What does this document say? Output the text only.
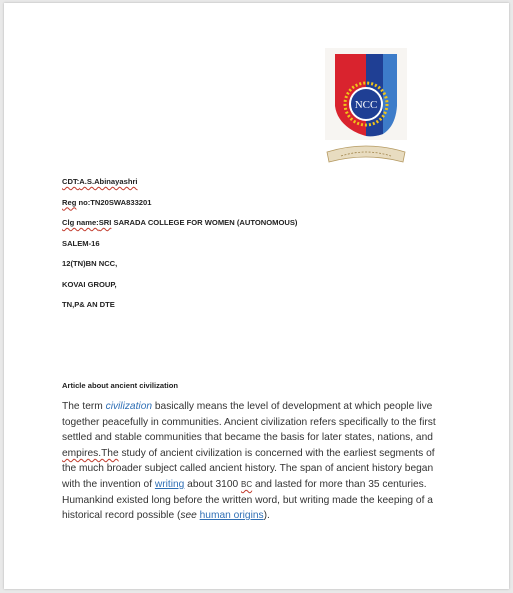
NCC
CDT:A.S.Abinayashri
Reg no:TN20SWA833201
Clg name:SRI SARADA COLLEGE FOR WOMEN (AUTONOMOUS)
SALEM-16
12(TN)BN NCC,
KOVAI GROUP,
TN,P& AN DTE
Article about ancient civilization
The term civilization basically means the level of development at which people live
together peacefully in communities. Ancient civilization refers specifically to the first
settled and stable communities that became the basis for later states, nations, and
empires.The study of ancient civilization is concerned with the earliest segments of
the much broader subject called ancient history. The span of ancient history began
with the invention of writing about 3100 BC and lasted for more than 35 centuries.
Humankind existed long before the written word, but writing made the keeping of a
historical record possible (see human origins).
